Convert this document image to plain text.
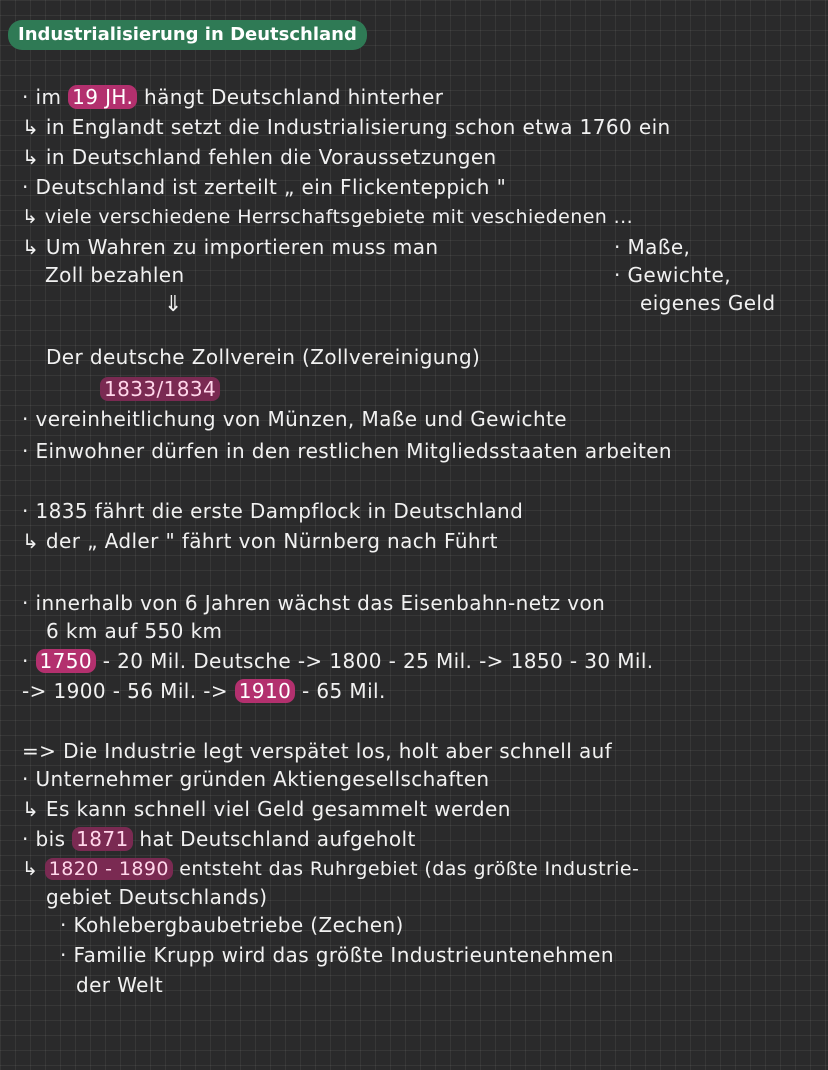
Industrialisierung in Deutschland
· im 19 JH. hängt Deutschland hinterher
↳ in Englandt setzt die Industrialisierung schon etwa 1760 ein
↳ in Deutschland fehlen die Voraussetzungen
· Deutschland ist zerteilt „ ein Flickenteppich "
↳ viele verschiedene Herrschaftsgebiete mit veschiedenen ...
↳ Um Wahren zu importieren muss man
Zoll bezahlen
· Maße,
· Gewichte,
eigenes Geld
⇓
Der deutsche Zollverein (Zollvereinigung)
1833/1834
· vereinheitlichung von Münzen, Maße und Gewichte
· Einwohner dürfen in den restlichen Mitgliedsstaaten arbeiten
· 1835 fährt die erste Dampflock in Deutschland
↳ der „ Adler " fährt von Nürnberg nach Führt
· innerhalb von 6 Jahren wächst das Eisenbahn-netz von
6 km auf 550 km
· 1750 - 20 Mil. Deutsche -> 1800 - 25 Mil. -> 1850 - 30 Mil.
-> 1900 - 56 Mil. -> 1910 - 65 Mil.
=> Die Industrie legt verspätet los, holt aber schnell auf
· Unternehmer gründen Aktiengesellschaften
↳ Es kann schnell viel Geld gesammelt werden
· bis 1871 hat Deutschland aufgeholt
↳ 1820 - 1890 entsteht das Ruhrgebiet (das größte Industrie-
gebiet Deutschlands)
· Kohlebergbaubetriebe (Zechen)
· Familie Krupp wird das größte Industrieuntenehmen
der Welt
